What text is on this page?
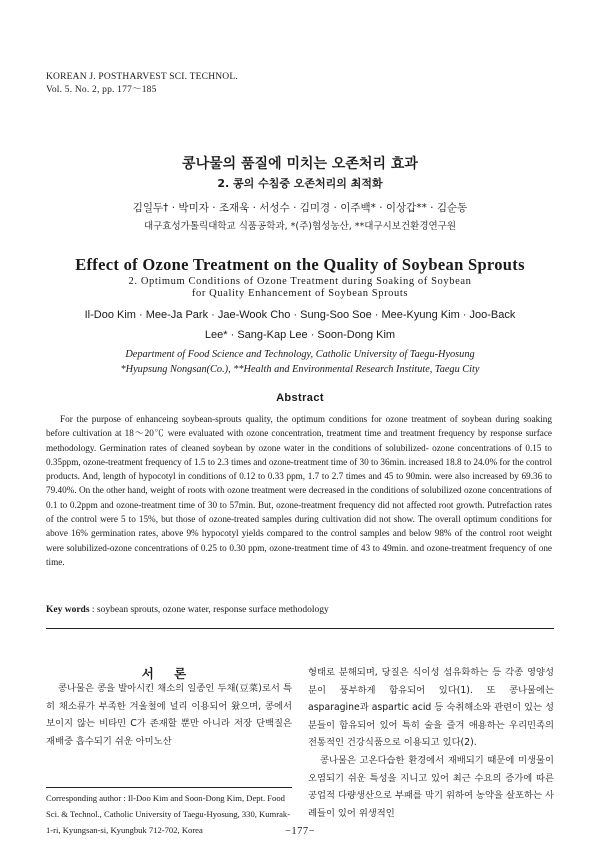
KOREAN J. POSTHARVEST SCI. TECHNOL.
Vol. 5. No. 2, pp. 177～185
콩나물의 품질에 미치는 오존처리 효과
2. 콩의 수침중 오존처리의 최적화
김일두† · 박미자 · 조재욱 · 서성수 · 김미경 · 이주백* · 이상갑** · 김순동
대구효성가톨릭대학교 식품공학과, *(주)협성농산, **대구시보건환경연구원
Effect of Ozone Treatment on the Quality of Soybean Sprouts
2. Optimum Conditions of Ozone Treatment during Soaking of Soybean
for Quality Enhancement of Soybean Sprouts
Il-Doo Kim · Mee-Ja Park · Jae-Wook Cho · Sung-Soo Soe · Mee-Kyung Kim · Joo-Back
Lee* · Sang-Kap Lee · Soon-Dong Kim
Department of Food Science and Technology, Catholic University of Taegu-Hyosung
*Hyupsung Nongsan(Co.), **Health and Environmental Research Institute, Taegu City
Abstract

For the purpose of enhanceing soybean-sprouts quality, the optimum conditions for ozone treatment of soybean during soaking before cultivation at 18～20℃ were evaluated with ozone concentration, treatment time and treatment frequency by response surface methodology. Germination rates of cleaned soybean by ozone water in the conditions of solubilized- ozone concentrations of 0.15 to 0.35ppm, ozone-treatment frequency of 1.5 to 2.3 times and ozone-treatment time of 30 to 36min. increased 18.8 to 24.0% for the control products. And, length of hypocotyl in conditions of 0.12 to 0.33 ppm, 1.7 to 2.7 times and 45 to 90min. were also increased by 69.36 to 79.40%. On the other hand, weight of roots with ozone treatment were decreased in the conditions of solubilized ozone concentrations of 0.1 to 0.2ppm and ozone-treatment time of 30 to 57min. But, ozone-treatment frequency did not affected root growth. Putrefaction rates of the control were 5 to 15%, but those of ozone-treated samples during cultivation did not show. The overall optimum conditions for above 16% germination rates, above 9% hypocotyl yields compared to the control samples and below 98% of the control root weight were solubilized-ozone concentrations of 0.25 to 0.30 ppm, ozone-treatment time of 43 to 49min. and ozone-treatment frequency of one time.

Key words : soybean sprouts, ozone water, response surface methodology
서 론

콩나물은 콩을 발아시킨 채소의 일종인 두채(豆菜)로서 특히 채소류가 부족한 겨울철에 널리 이용되어 왔으며, 콩에서 보이지 않는 비타민 C가 존재할 뿐만 아니라 저장 단백질은 재배중 흡수되기 쉬운 아미노산

형태로 분해되며, 당질은 식이성 섬유화하는 등 각종 영양성분이 풍부하게 함유되어 있다(1). 또 콩나물에는 asparagine과 aspartic acid 등 숙취해소와 관련이 있는 성분들이 함유되어 있어 특히 술을 즐겨 애용하는 우리민족의 전통적인 건강식품으로 이용되고 있다(2).

콩나물은 고온다습한 환경에서 재배되기 때문에 미생물이 오염되기 쉬운 특성을 지니고 있어 최근 수요의 증가에 따른 공업적 다량생산으로 부패를 막기 위하여 농약을 살포하는 사례들이 있어 위생적인

Corresponding author : Il-Doo Kim and Soon-Dong Kim, Dept. Food Sci. & Technol., Catholic University of Taegu-Hyosung, 330, Kumrak-1-ri, Kyungsan-si, Kyungbuk 712-702, Korea	−177−
